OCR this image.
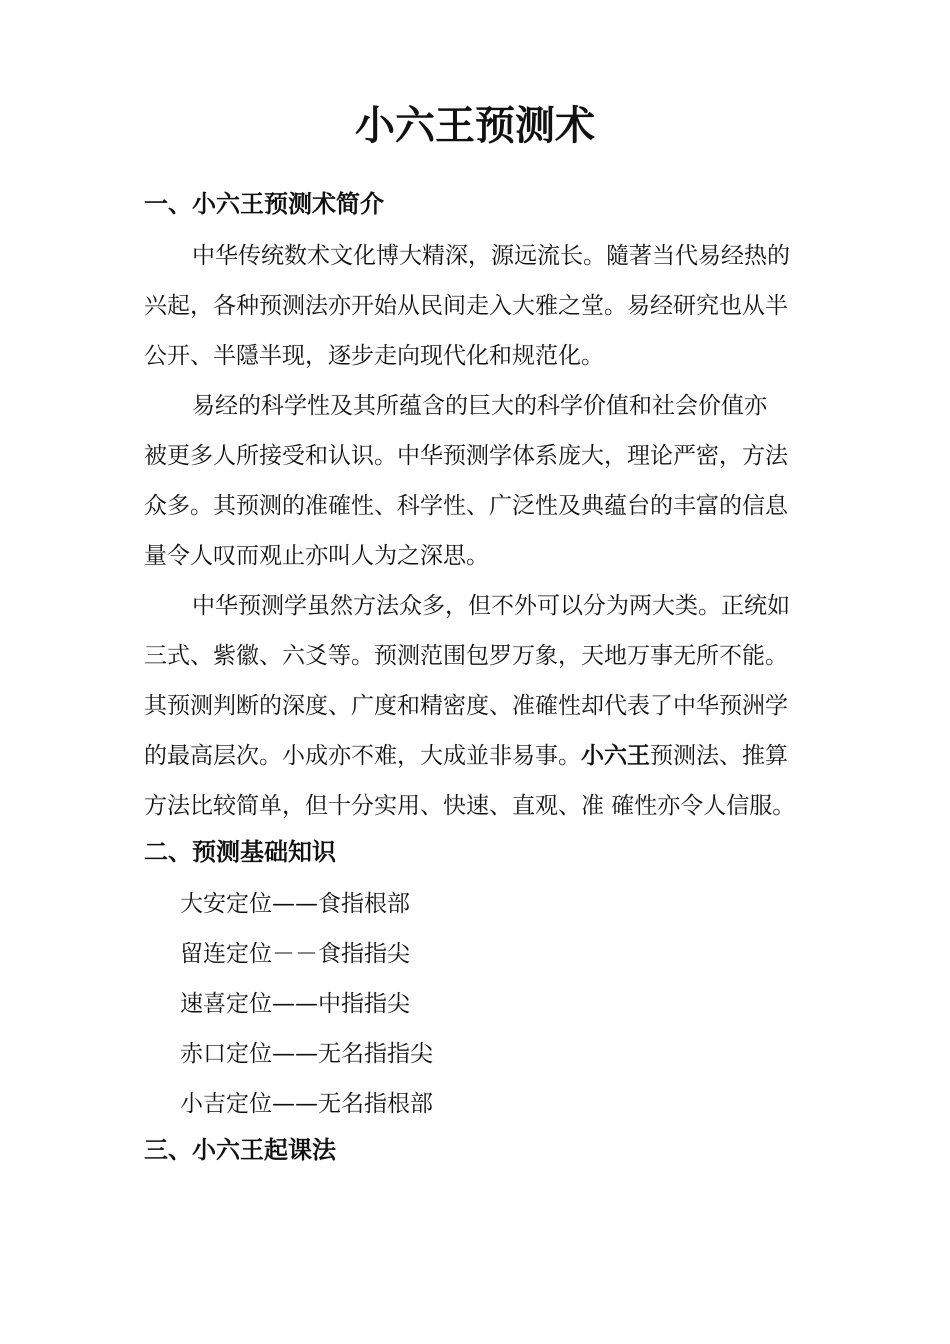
小六王预测术
一、小六王预测术简介

中华传统数术文化博大精深，源远流长。隨著当代易经热的

兴起，各种预测法亦开始从民间走入大雅之堂。易经研究也从半

公开、半隱半现，逐步走向现代化和规范化。

易经的科学性及其所蕴含的巨大的科学价值和社会价值亦

被更多人所接受和认识。中华预测学体系庞大，理论严密，方法

众多。其预测的准確性、科学性、广泛性及典蕴台的丰富的信息

量令人叹而观止亦叫人为之深思。

中华预测学虽然方法众多，但不外可以分为两大类。正统如

三式、紫徽、六爻等。预测范围包罗万象，天地万事无所不能。

其预测判断的深度、广度和精密度、准確性却代表了中华预洲学

的最高层次。小成亦不难，大成並非易事。小六王预测法、推算

方法比较简单，但十分实用、快速、直观、准 確性亦令人信服。

二、预测基础知识

大安定位——食指根部

留连定位－－食指指尖

速喜定位——中指指尖

赤口定位——无名指指尖

小吉定位——无名指根部

三、小六王起课法
